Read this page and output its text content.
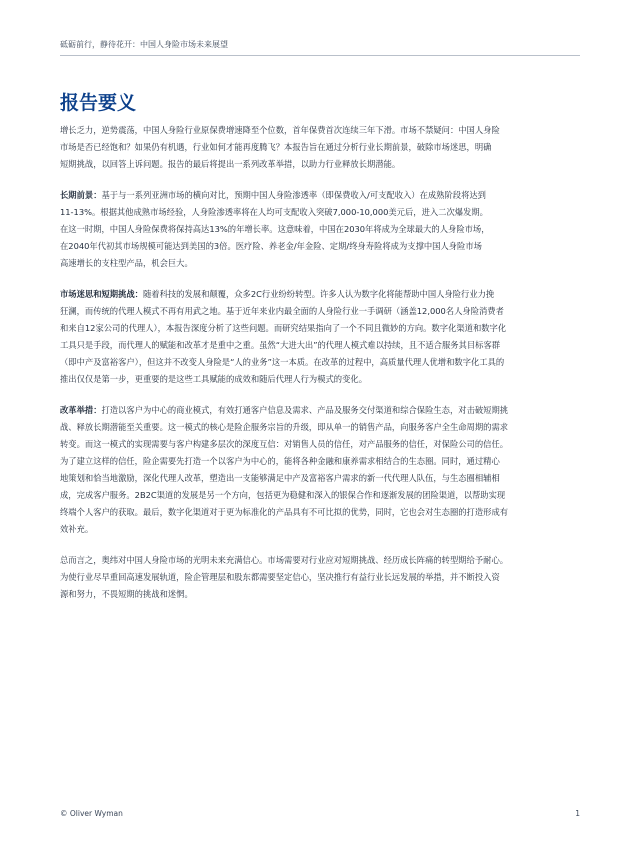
砥砺前行，静待花开：中国人身险市场未来展望
报告要义

增长乏力，逆势震荡，中国人身险行业原保费增速降至个位数，首年保费首次连续三年下滑。市场不禁疑问：中国人身险
市场是否已经饱和？如果仍有机遇，行业如何才能再度腾飞？本报告旨在通过分析行业长期前景，破除市场迷思，明确
短期挑战，以回答上诉问题。报告的最后将提出一系列改革举措，以助力行业释放长期潜能。

长期前景：基于与一系列亚洲市场的横向对比，预期中国人身险渗透率（即保费收入/可支配收入）在成熟阶段将达到
11-13%。根据其他成熟市场经验，人身险渗透率将在人均可支配收入突破7,000-10,000美元后，进入二次爆发期。
在这一时期，中国人身险保费将保持高达13%的年增长率。这意味着，中国在2030年将成为全球最大的人身险市场，
在2040年代初其市场规模可能达到美国的3倍。医疗险、养老金/年金险、定期/终身寿险将成为支撑中国人身险市场
高速增长的支柱型产品，机会巨大。

市场迷思和短期挑战：随着科技的发展和颠覆，众多2C行业纷纷转型。许多人认为数字化将能帮助中国人身险行业力挽
狂澜，而传统的代理人模式不再有用武之地。基于近年来业内最全面的人身险行业一手调研（涵盖12,000名人身险消费者
和来自12家公司的代理人），本报告深度分析了这些问题。而研究结果指向了一个不同且微妙的方向。数字化渠道和数字化
工具只是手段，而代理人的赋能和改革才是重中之重。虽然“大进大出”的代理人模式难以持续，且不适合服务其目标客群
（即中产及富裕客户），但这并不改变人身险是“人的业务”这一本质。在改革的过程中，高质量代理人优增和数字化工具的
推出仅仅是第一步，更重要的是这些工具赋能的成效和随后代理人行为模式的变化。

改革举措：打造以客户为中心的商业模式，有效打通客户信息及需求、产品及服务交付渠道和综合保险生态，对击破短期挑
战、释放长期潜能至关重要。这一模式的核心是险企服务宗旨的升级，即从单一的销售产品，向服务客户全生命周期的需求
转变。而这一模式的实现需要与客户构建多层次的深度互信：对销售人员的信任，对产品服务的信任，对保险公司的信任。
为了建立这样的信任，险企需要先打造一个以客户为中心的，能将各种金融和康养需求相结合的生态圈。同时，通过精心
地策划和恰当地激励，深化代理人改革，塑造出一支能够满足中产及富裕客户需求的新一代代理人队伍，与生态圈相辅相
成，完成客户服务。2B2C渠道的发展是另一个方向，包括更为稳健和深入的银保合作和逐渐发展的团险渠道，以帮助实现
终端个人客户的获取。最后，数字化渠道对于更为标准化的产品具有不可比拟的优势，同时，它也会对生态圈的打造形成有
效补充。

总而言之，奥纬对中国人身险市场的光明未来充满信心。市场需要对行业应对短期挑战、经历成长阵痛的转型期给予耐心。
为使行业尽早重回高速发展轨道，险企管理层和股东都需要坚定信心，坚决推行有益行业长远发展的举措，并不断投入资
源和努力，不畏短期的挑战和迷惘。

© Oliver Wyman	1
